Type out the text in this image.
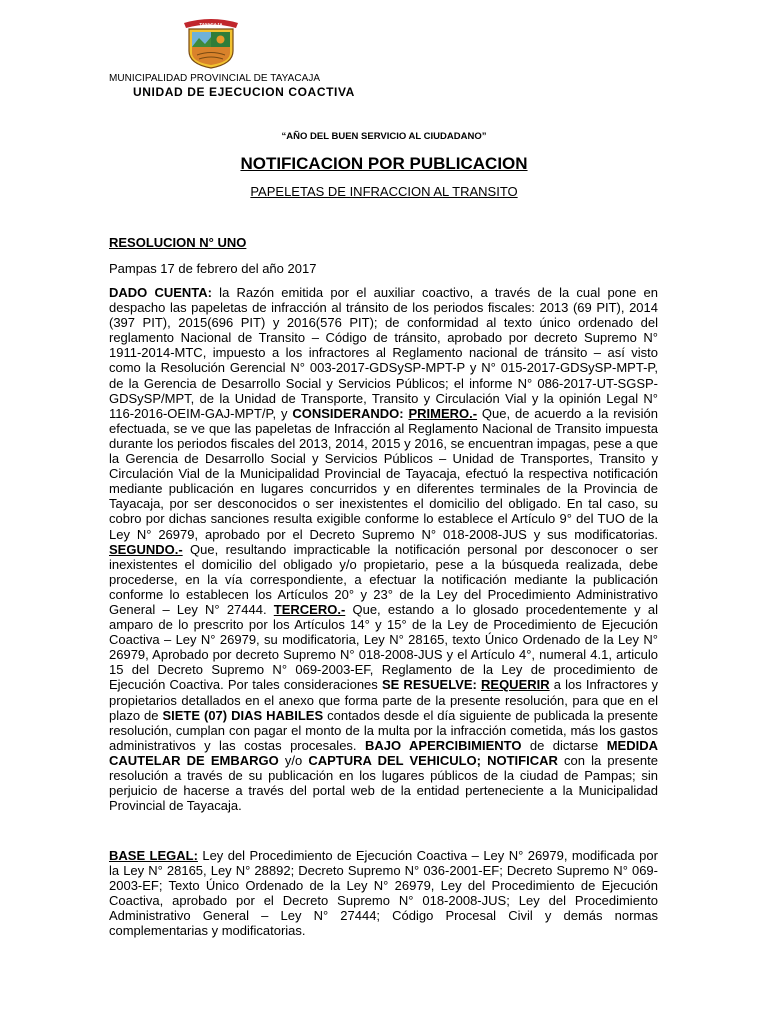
TAYACAJA
MUNICIPALIDAD PROVINCIAL DE TAYACAJA
UNIDAD DE EJECUCION COACTIVA
“AÑO DEL BUEN SERVICIO AL CIUDADANO”
NOTIFICACION POR PUBLICACION
PAPELETAS DE INFRACCION AL TRANSITO
RESOLUCION N° UNO
Pampas 17 de febrero del año 2017
DADO CUENTA: la Razón emitida por el auxiliar coactivo, a través de la cual pone en despacho las papeletas de infracción al tránsito de los periodos fiscales: 2013 (69 PIT), 2014 (397 PIT), 2015(696 PIT) y 2016(576 PIT); de conformidad al texto único ordenado del reglamento Nacional de Transito – Código de tránsito, aprobado por decreto Supremo N° 1911-2014-MTC, impuesto a los infractores al Reglamento nacional de tránsito – así visto como la Resolución Gerencial N° 003-2017-GDSySP-MPT-P y N° 015-2017-GDSySP-MPT-P, de la Gerencia de Desarrollo Social y Servicios Públicos; el informe N° 086-2017-UT-SGSP-GDSySP/MPT, de la Unidad de Transporte, Transito y Circulación Vial y la opinión Legal N° 116-2016-OEIM-GAJ-MPT/P, y CONSIDERANDO: PRIMERO.- Que, de acuerdo a la revisión efectuada, se ve que las papeletas de Infracción al Reglamento Nacional de Transito impuesta durante los periodos fiscales del 2013, 2014, 2015 y 2016, se encuentran impagas, pese a que la Gerencia de Desarrollo Social y Servicios Públicos – Unidad de Transportes, Transito y Circulación Vial de la Municipalidad Provincial de Tayacaja, efectuó la respectiva notificación mediante publicación en lugares concurridos y en diferentes terminales de la Provincia de Tayacaja, por ser desconocidos o ser inexistentes el domicilio del obligado. En tal caso, su cobro por dichas sanciones resulta exigible conforme lo establece el Artículo 9° del TUO de la Ley N° 26979, aprobado por el Decreto Supremo N° 018-2008-JUS y sus modificatorias. SEGUNDO.- Que, resultando impracticable la notificación personal por desconocer o ser inexistentes el domicilio del obligado y/o propietario, pese a la búsqueda realizada, debe procederse, en la vía correspondiente, a efectuar la notificación mediante la publicación conforme lo establecen los Artículos 20° y 23° de la Ley del Procedimiento Administrativo General – Ley N° 27444. TERCERO.- Que, estando a lo glosado procedentemente y al amparo de lo prescrito por los Artículos 14° y 15° de la Ley de Procedimiento de Ejecución Coactiva – Ley N° 26979, su modificatoria, Ley N° 28165, texto Único Ordenado de la Ley N° 26979, Aprobado por decreto Supremo N° 018-2008-JUS y el Artículo 4°, numeral 4.1, articulo 15 del Decreto Supremo N° 069-2003-EF, Reglamento de la Ley de procedimiento de Ejecución Coactiva. Por tales consideraciones SE RESUELVE: REQUERIR a los Infractores y propietarios detallados en el anexo que forma parte de la presente resolución, para que en el plazo de SIETE (07) DIAS HABILES contados desde el día siguiente de publicada la presente resolución, cumplan con pagar el monto de la multa por la infracción cometida, más los gastos administrativos y las costas procesales. BAJO APERCIBIMIENTO de dictarse MEDIDA CAUTELAR DE EMBARGO y/o CAPTURA DEL VEHICULO; NOTIFICAR con la presente resolución a través de su publicación en los lugares públicos de la ciudad de Pampas; sin perjuicio de hacerse a través del portal web de la entidad perteneciente a la Municipalidad Provincial de Tayacaja.
BASE LEGAL: Ley del Procedimiento de Ejecución Coactiva – Ley N° 26979, modificada por la Ley N° 28165, Ley N° 28892; Decreto Supremo N° 036-2001-EF; Decreto Supremo N° 069-2003-EF; Texto Único Ordenado de la Ley N° 26979, Ley del Procedimiento de Ejecución Coactiva, aprobado por el Decreto Supremo N° 018-2008-JUS; Ley del Procedimiento Administrativo General – Ley N° 27444; Código Procesal Civil y demás normas complementarias y modificatorias.
